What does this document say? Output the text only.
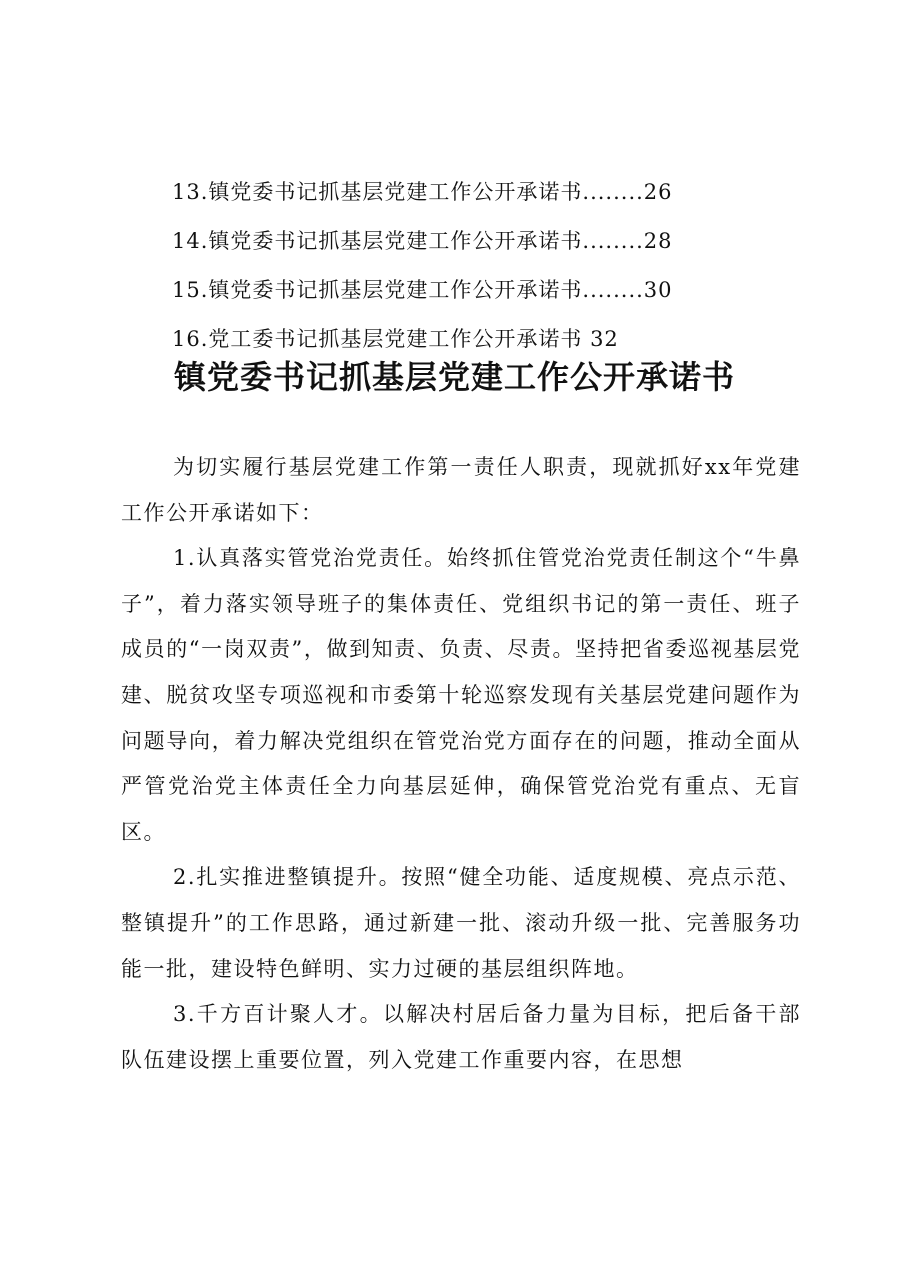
13.镇党委书记抓基层党建工作公开承诺书........26
14.镇党委书记抓基层党建工作公开承诺书........28
15.镇党委书记抓基层党建工作公开承诺书........30
16.党工委书记抓基层党建工作公开承诺书 32
镇党委书记抓基层党建工作公开承诺书

为切实履行基层党建工作第一责任人职责，现就抓好xx年党建工作公开承诺如下：

1.认真落实管党治党责任。始终抓住管党治党责任制这个“牛鼻子”，着力落实领导班子的集体责任、党组织书记的第一责任、班子成员的“一岗双责”，做到知责、负责、尽责。坚持把省委巡视基层党建、脱贫攻坚专项巡视和市委第十轮巡察发现有关基层党建问题作为问题导向，着力解决党组织在管党治党方面存在的问题，推动全面从严管党治党主体责任全力向基层延伸，确保管党治党有重点、无盲区。

2.扎实推进整镇提升。按照“健全功能、适度规模、亮点示范、整镇提升”的工作思路，通过新建一批、滚动升级一批、完善服务功能一批，建设特色鲜明、实力过硬的基层组织阵地。

3.千方百计聚人才。以解决村居后备力量为目标，把后备干部队伍建设摆上重要位置，列入党建工作重要内容，在思想
